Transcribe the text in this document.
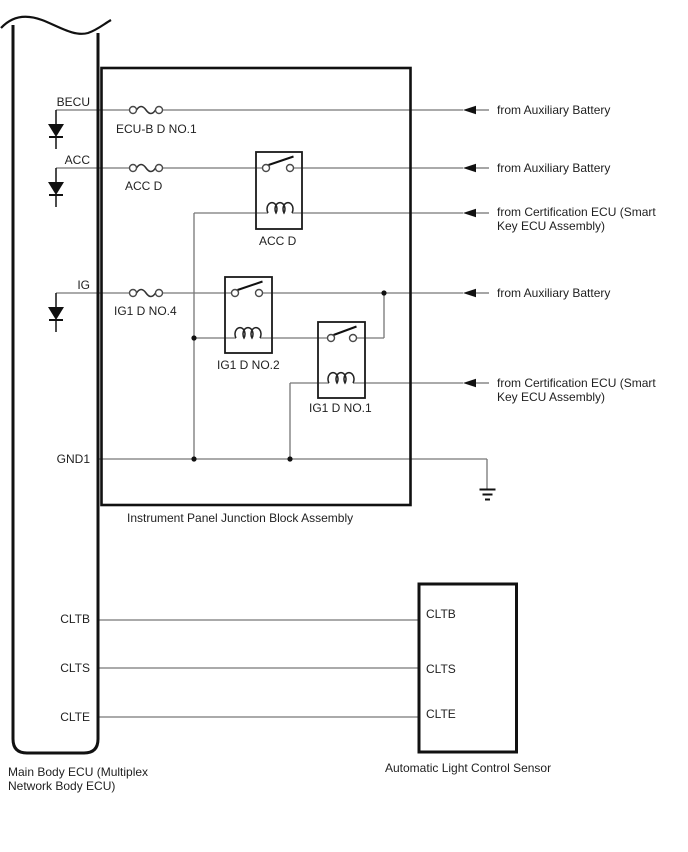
BECU
ACC
IG
GND1
CLTB
CLTS
CLTE
ECU-B D NO.1
ACC D
IG1 D NO.4
ACC D
IG1 D NO.2
IG1 D NO.1
CLTB
CLTS
CLTE
Instrument Panel Junction Block Assembly
Automatic Light Control Sensor
Main Body ECU (Multiplex
Network Body ECU)
from Auxiliary Battery
from Auxiliary Battery
from Certification ECU (Smart
Key ECU Assembly)
from Auxiliary Battery
from Certification ECU (Smart
Key ECU Assembly)
